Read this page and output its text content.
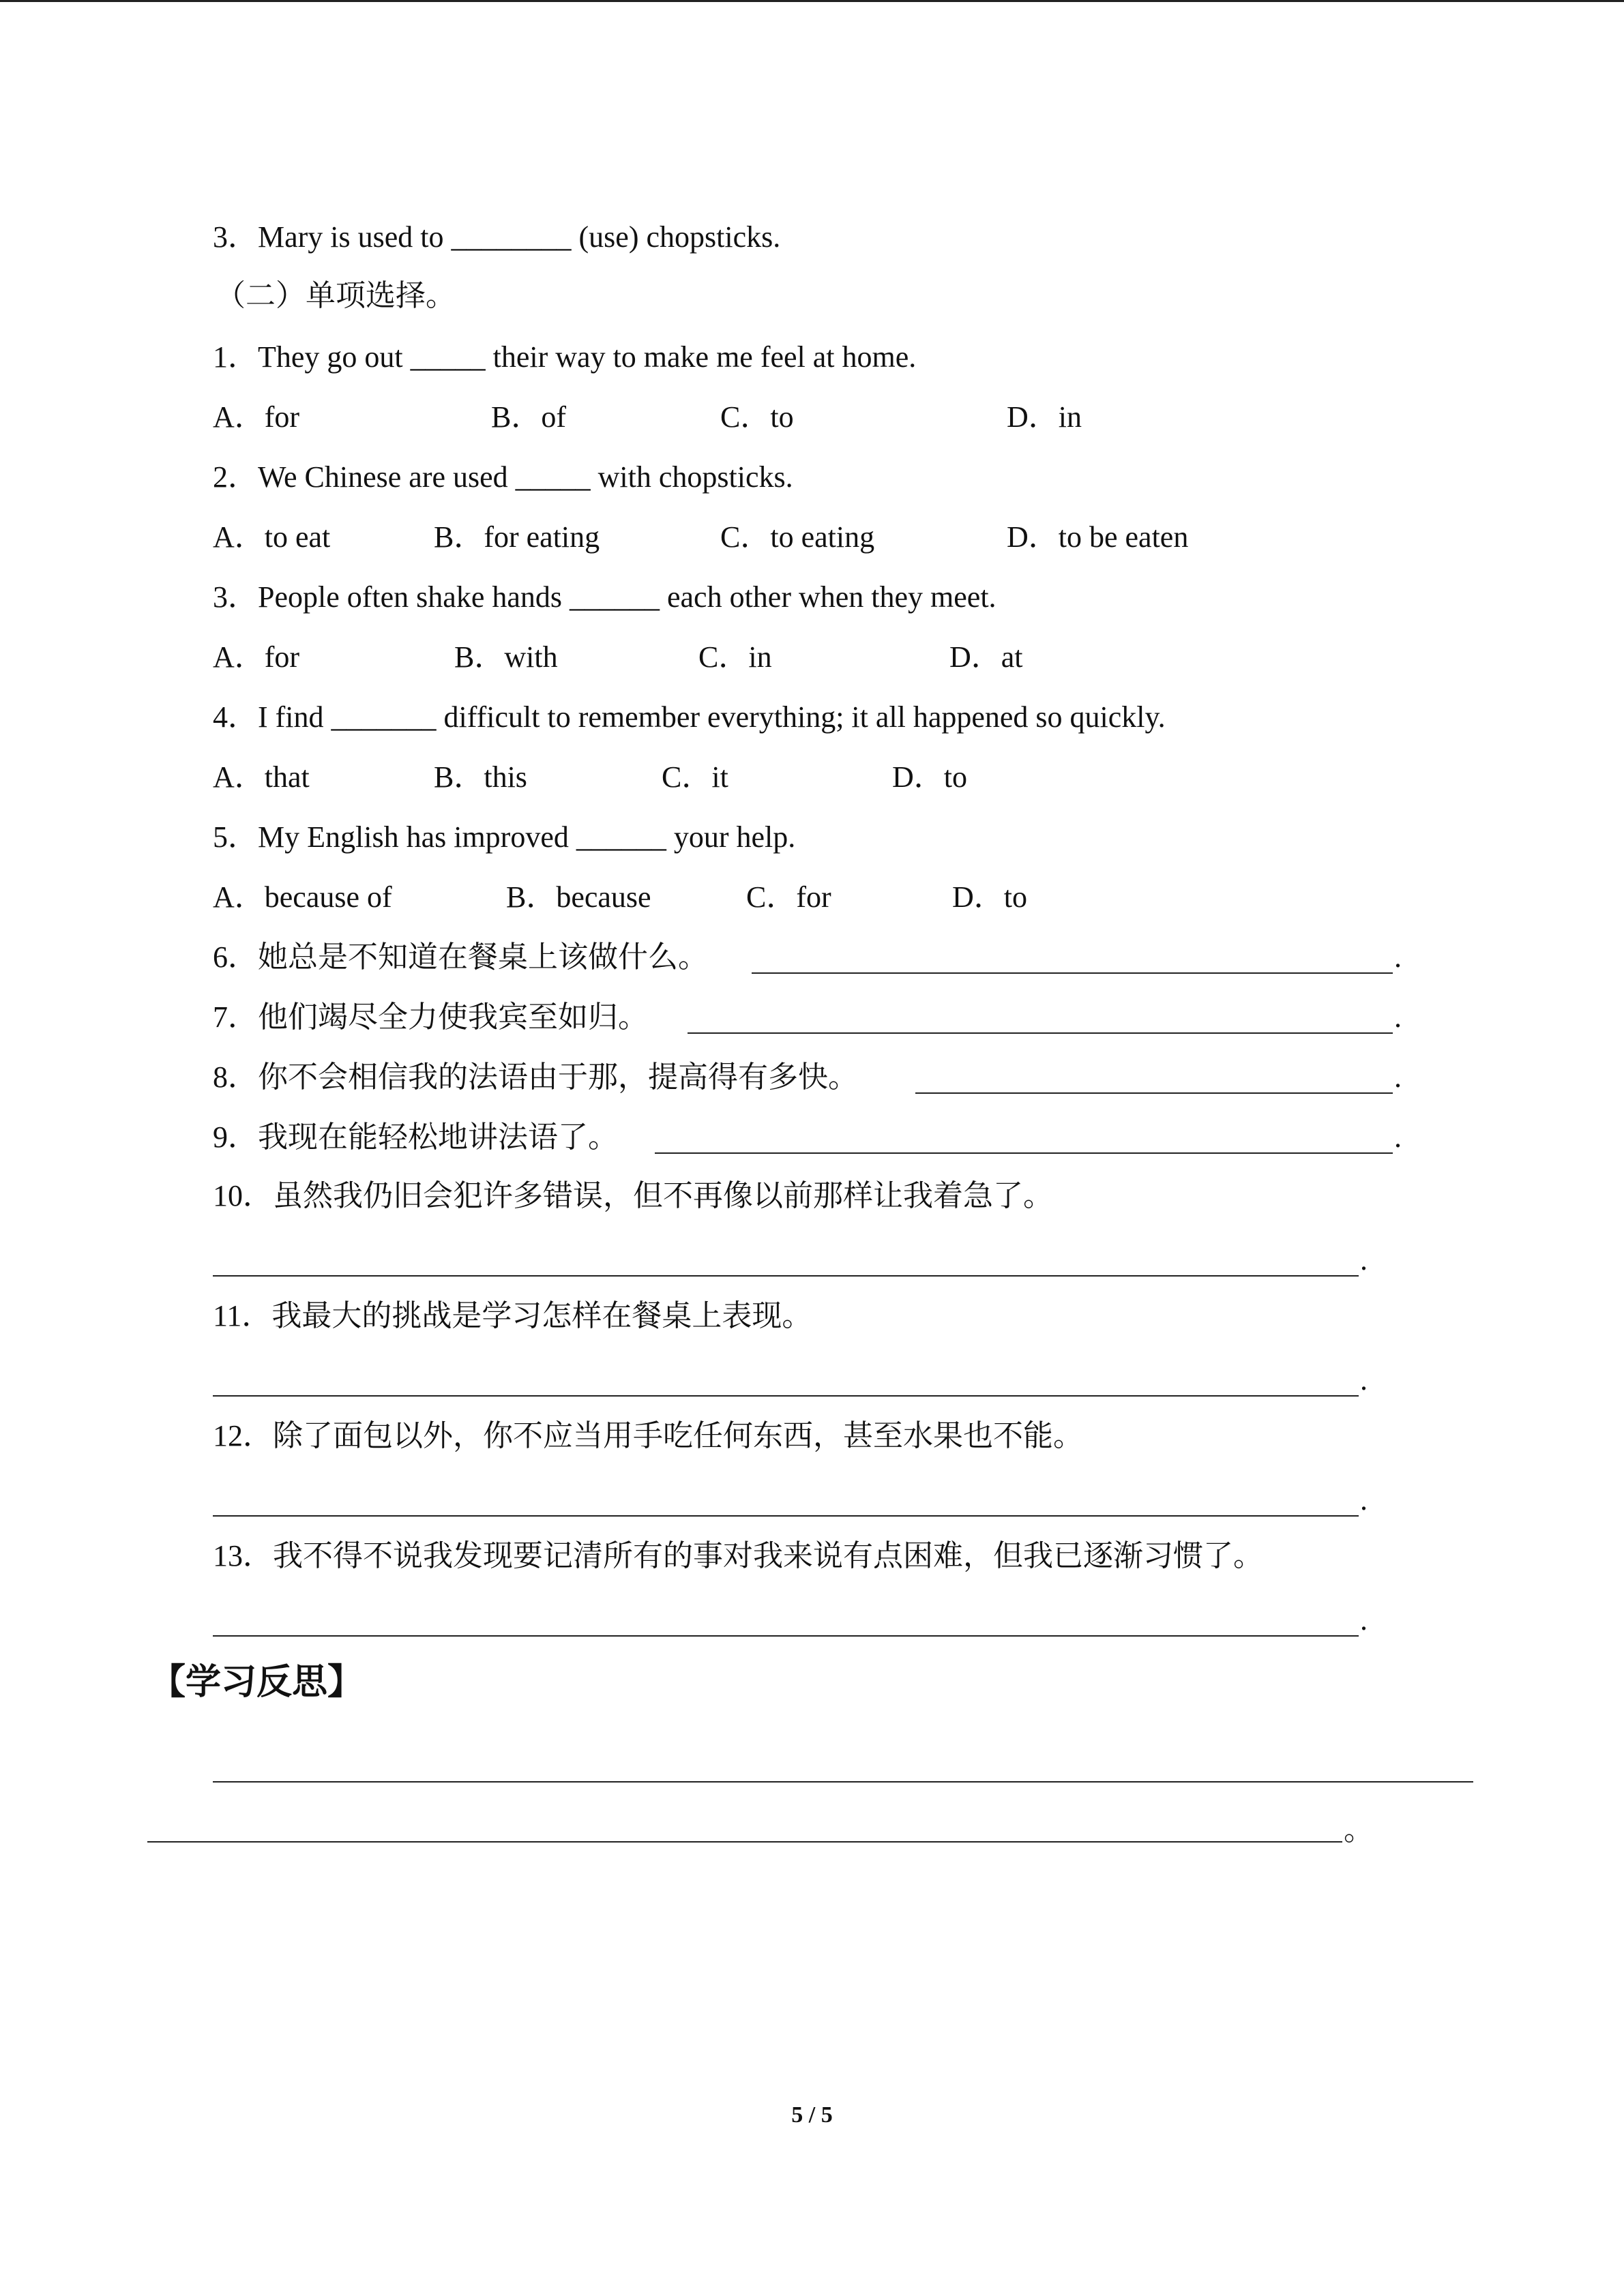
3．Mary is used to ________ (use) chopsticks.
（二）单项选择。
1．They go out _____ their way to make me feel at home.
A．for	B．of	C．to	D．in
2．We Chinese are used _____ with chopsticks.
A．to eat	B．for eating	C．to eating	D．to be eaten
3．People often shake hands ______ each other when they meet.
A．for	B．with	C．in	D．at
4．I find _______ difficult to remember everything; it all happened so quickly.
A．that	B．this	C．it	D．to
5．My English has improved ______ your help.
A．because of	B．because	C．for	D．to
6．她总是不知道在餐桌上该做什么。	.
7．他们竭尽全力使我宾至如归。	.
8．你不会相信我的法语由于那，提高得有多快。	.
9．我现在能轻松地讲法语了。	.
10．虽然我仍旧会犯许多错误，但不再像以前那样让我着急了。
.
11．我最大的挑战是学习怎样在餐桌上表现。
.
12．除了面包以外，你不应当用手吃任何东西，甚至水果也不能。
.
13．我不得不说我发现要记清所有的事对我来说有点困难，但我已逐渐习惯了。
.
【学习反思】
。
5 / 5
